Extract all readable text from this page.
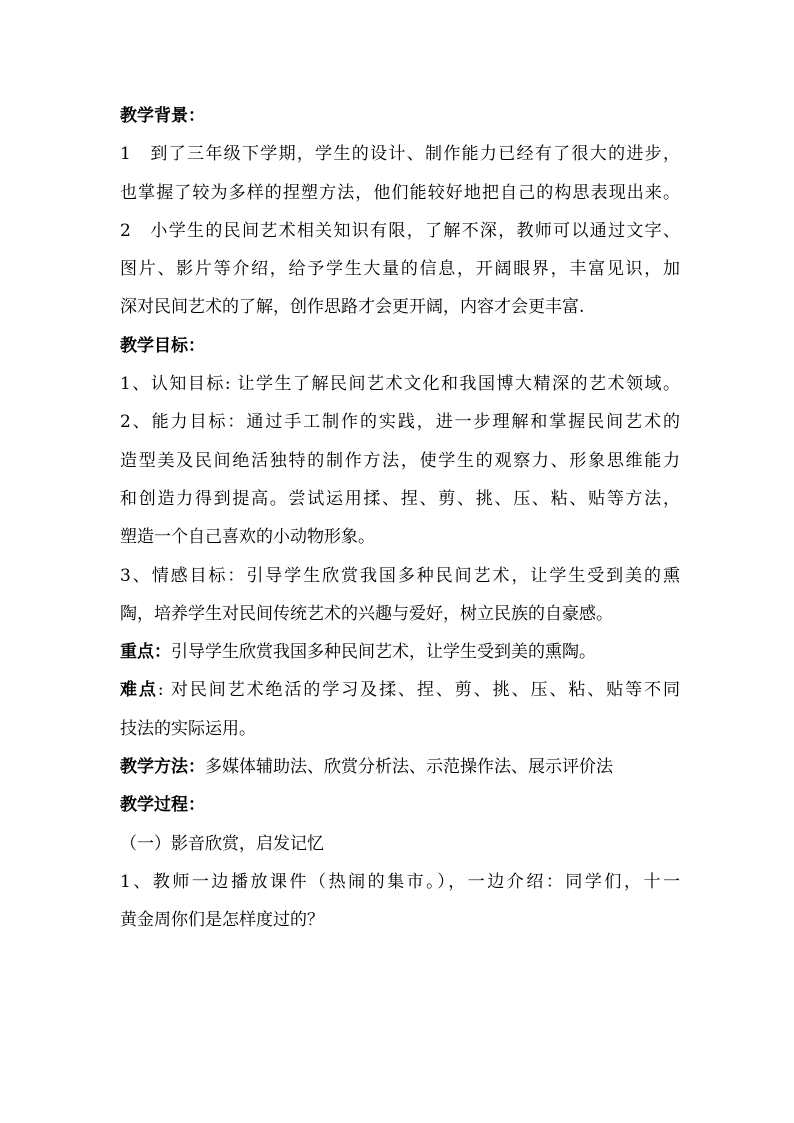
教学背景：
1　到了三年级下学期，学生的设计、制作能力已经有了很大的进步，
也掌握了较为多样的捏塑方法，他们能较好地把自己的构思表现出来。
2　小学生的民间艺术相关知识有限，了解不深，教师可以通过文字、
图片、影片等介绍，给予学生大量的信息，开阔眼界，丰富见识，加
深对民间艺术的了解，创作思路才会更开阔，内容才会更丰富.
教学目标：
1、认知目标: 让学生了解民间艺术文化和我国博大精深的艺术领域。
2、能力目标：通过手工制作的实践，进一步理解和掌握民间艺术的
造型美及民间绝活独特的制作方法，使学生的观察力、形象思维能力
和创造力得到提高。尝试运用揉、捏、剪、挑、压、粘、贴等方法，
塑造一个自己喜欢的小动物形象。
3、情感目标：引导学生欣赏我国多种民间艺术，让学生受到美的熏
陶，培养学生对民间传统艺术的兴趣与爱好，树立民族的自豪感。
重点：引导学生欣赏我国多种民间艺术，让学生受到美的熏陶。
难点: 对民间艺术绝活的学习及揉、捏、剪、挑、压、粘、贴等不同
技法的实际运用。
教学方法：多媒体辅助法、欣赏分析法、示范操作法、展示评价法
教学过程：
（一）影音欣赏，启发记忆
1、教师一边播放课件（热闹的集市。），一边介绍：同学们，十一
黄金周你们是怎样度过的？
